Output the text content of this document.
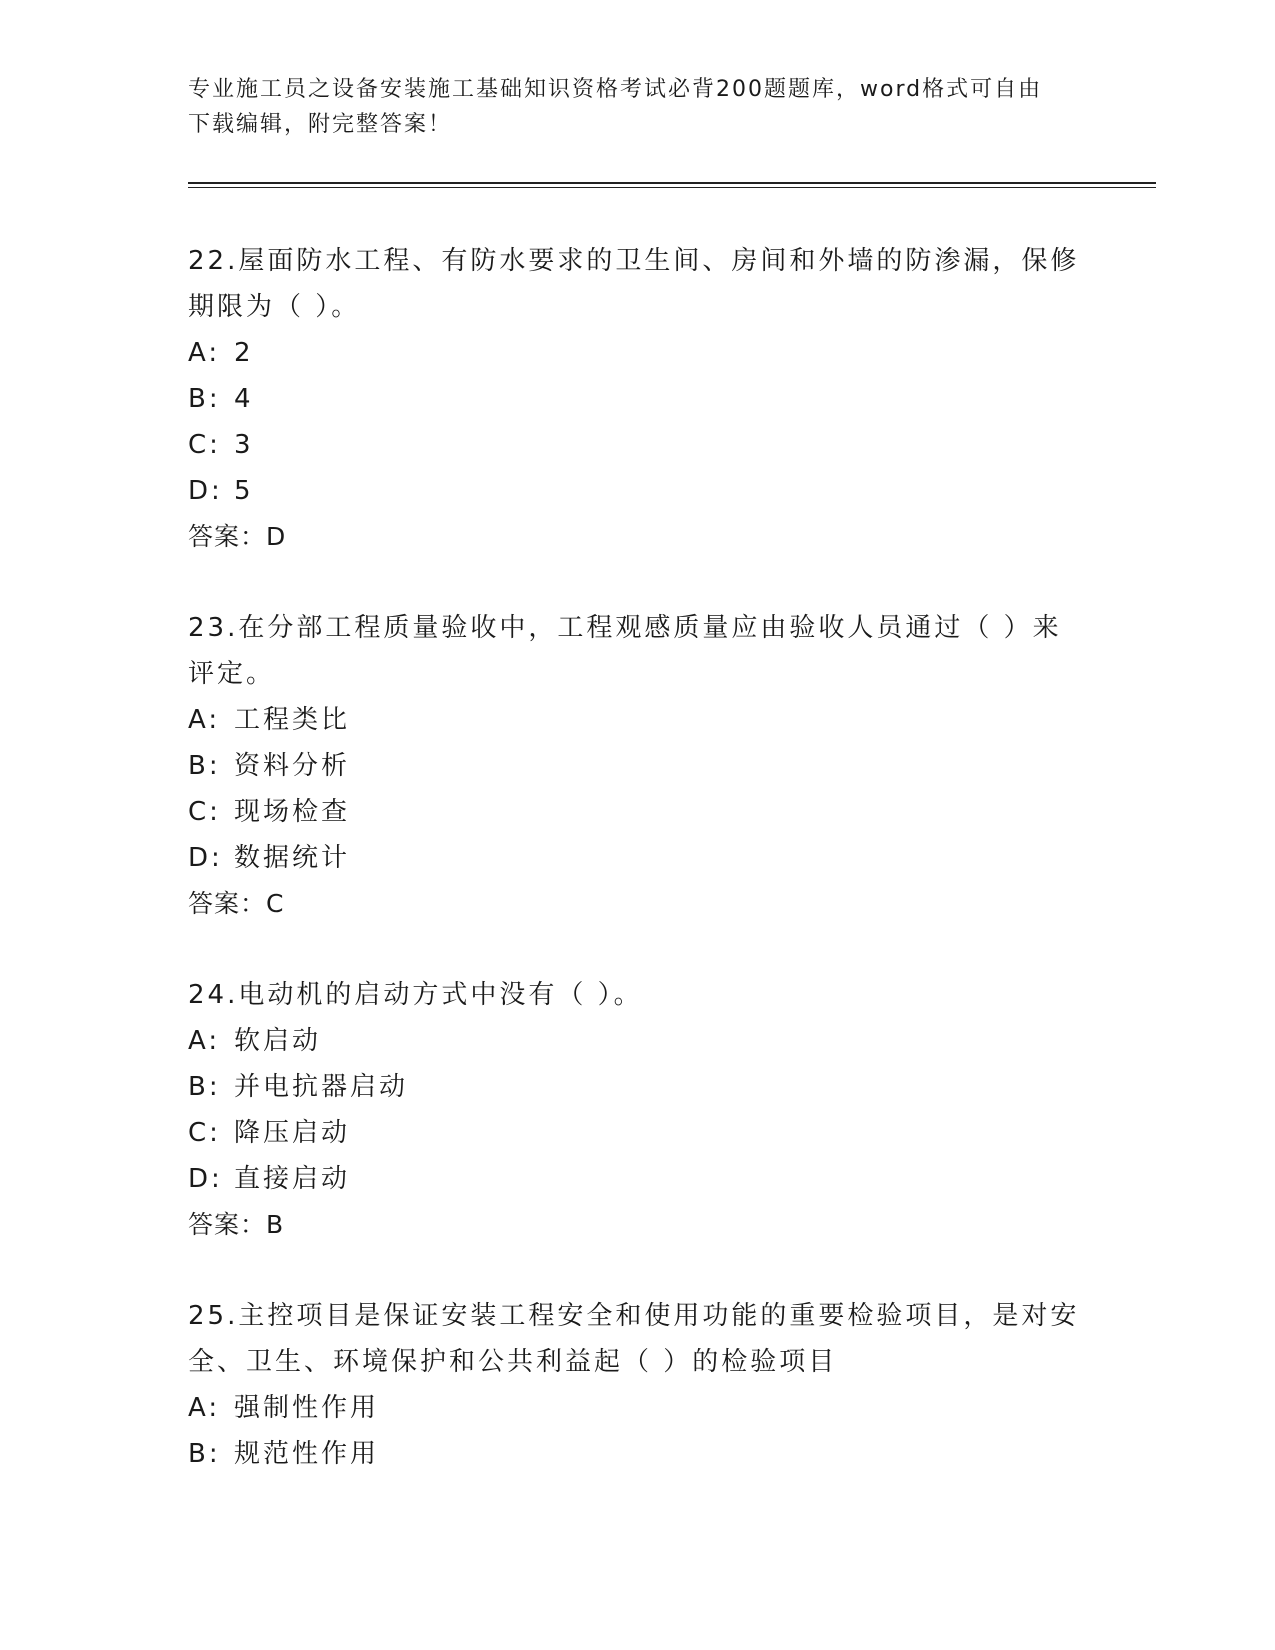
专业施工员之设备安装施工基础知识资格考试必背200题题库，word格式可自由
下载编辑，附完整答案！
22.屋面防水工程、有防水要求的卫生间、房间和外墙的防渗漏，保修
期限为（ ）。
A: 2
B: 4
C: 3
D: 5
答案：D
23.在分部工程质量验收中，工程观感质量应由验收人员通过（ ）来
评定。
A: 工程类比
B: 资料分析
C: 现场检查
D: 数据统计
答案：C
24.电动机的启动方式中没有（ ）。
A: 软启动
B: 并电抗器启动
C: 降压启动
D: 直接启动
答案：B
25.主控项目是保证安装工程安全和使用功能的重要检验项目，是对安
全、卫生、环境保护和公共利益起（ ）的检验项目
A: 强制性作用
B: 规范性作用
